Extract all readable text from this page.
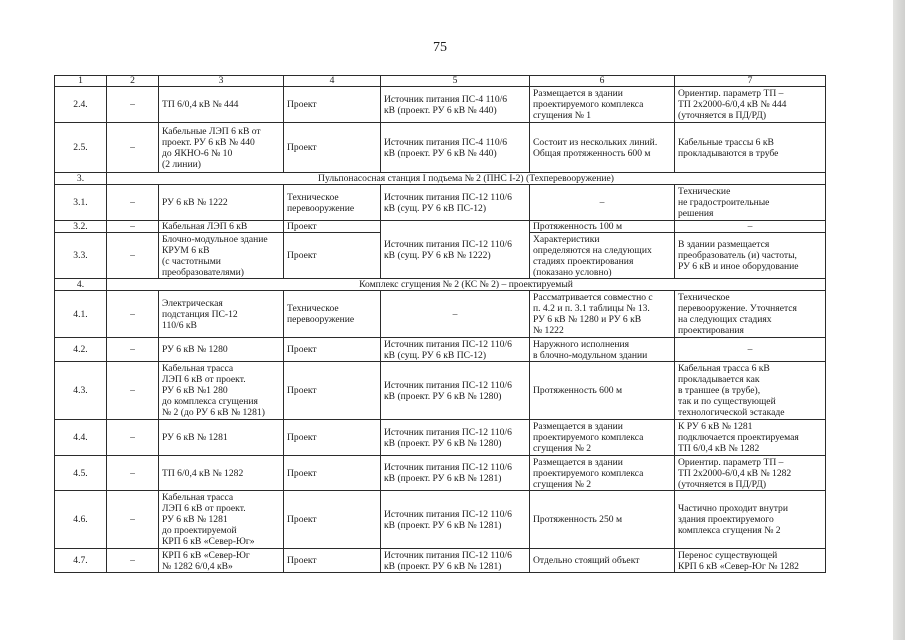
75
1	2	3	4	5	6	7
2.4.	–	ТП 6/0,4 кВ № 444	Проект	Источник питания ПС-4 110/6
кВ (проект. РУ 6 кВ № 440)	Размещается в здании
проектируемого комплекса
сгущения № 1	Ориентир. параметр ТП –
ТП 2х2000-6/0,4 кВ № 444
(уточняется в ПД/РД)
2.5.	–	Кабельные ЛЭП 6 кВ от
проект. РУ 6 кВ № 440
до ЯКНО-6 № 10
(2 линии)	Проект	Источник питания ПС-4 110/6
кВ (проект. РУ 6 кВ № 440)	Состоит из нескольких линий.
Общая протяженность 600 м	Кабельные трассы 6 кВ
прокладываются в трубе
3.	Пульпонасосная станция I подъема № 2 (ПНС I-2) (Техперевооружение)					
3.1.	–	РУ 6 кВ № 1222	Техническое
перевооружение	Источник питания ПС-12 110/6
кВ (сущ. РУ 6 кВ ПС-12)	–	Технические
не градостроительные
решения
3.2.	–	Кабельная ЛЭП 6 кВ	Проект	Источник питания ПС-12 110/6
кВ (сущ. РУ 6 кВ № 1222)	Протяженность 100 м	–
3.3.	–	Блочно-модульное здание
КРУМ 6 кВ
(с частотными
преобразователями)	Проект		Характеристики
определяются на следующих
стадиях проектирования
(показано условно)	В здании размещается
преобразователь (и) частоты,
РУ 6 кВ и иное оборудование
4.	Комплекс сгущения № 2 (КС № 2) – проектируемый					
4.1.	–	Электрическая
подстанция ПС-12
110/6 кВ	Техническое
перевооружение	–	Рассматривается совместно с
п. 4.2 и п. 3.1 таблицы № 13.
РУ 6 кВ № 1280 и РУ 6 кВ
№ 1222	Техническое
перевооружение. Уточняется
на следующих стадиях
проектирования
4.2.	–	РУ 6 кВ № 1280	Проект	Источник питания ПС-12 110/6
кВ (сущ. РУ 6 кВ ПС-12)	Наружного исполнения
в блочно-модульном здании	–
4.3.	–	Кабельная трасса
ЛЭП 6 кВ от проект.
РУ 6 кВ №1 280
до комплекса сгущения
№ 2 (до РУ 6 кВ № 1281)	Проект	Источник питания ПС-12 110/6
кВ (проект. РУ 6 кВ № 1280)	Протяженность 600 м	Кабельная трасса 6 кВ
прокладывается как
в траншее (в трубе),
так и по существующей
технологической эстакаде
4.4.	–	РУ 6 кВ № 1281	Проект	Источник питания ПС-12 110/6
кВ (проект. РУ 6 кВ № 1280)	Размещается в здании
проектируемого комплекса
сгущения № 2	К РУ 6 кВ № 1281
подключается проектируемая
ТП 6/0,4 кВ № 1282
4.5.	–	ТП 6/0,4 кВ № 1282	Проект	Источник питания ПС-12 110/6
кВ (проект. РУ 6 кВ № 1281)	Размещается в здании
проектируемого комплекса
сгущения № 2	Ориентир. параметр ТП –
ТП 2х2000-6/0,4 кВ № 1282
(уточняется в ПД/РД)
4.6.	–	Кабельная трасса
ЛЭП 6 кВ от проект.
РУ 6 кВ № 1281
до проектируемой
КРП 6 кВ «Север-Юг»	Проект	Источник питания ПС-12 110/6
кВ (проект. РУ 6 кВ № 1281)	Протяженность 250 м	Частично проходит внутри
здания проектируемого
комплекса сгущения № 2
4.7.	–	КРП 6 кВ «Север-Юг
№ 1282 6/0,4 кВ»	Проект	Источник питания ПС-12 110/6
кВ (проект. РУ 6 кВ № 1281)	Отдельно стоящий объект	Перенос существующей
КРП 6 кВ «Север-Юг № 1282
